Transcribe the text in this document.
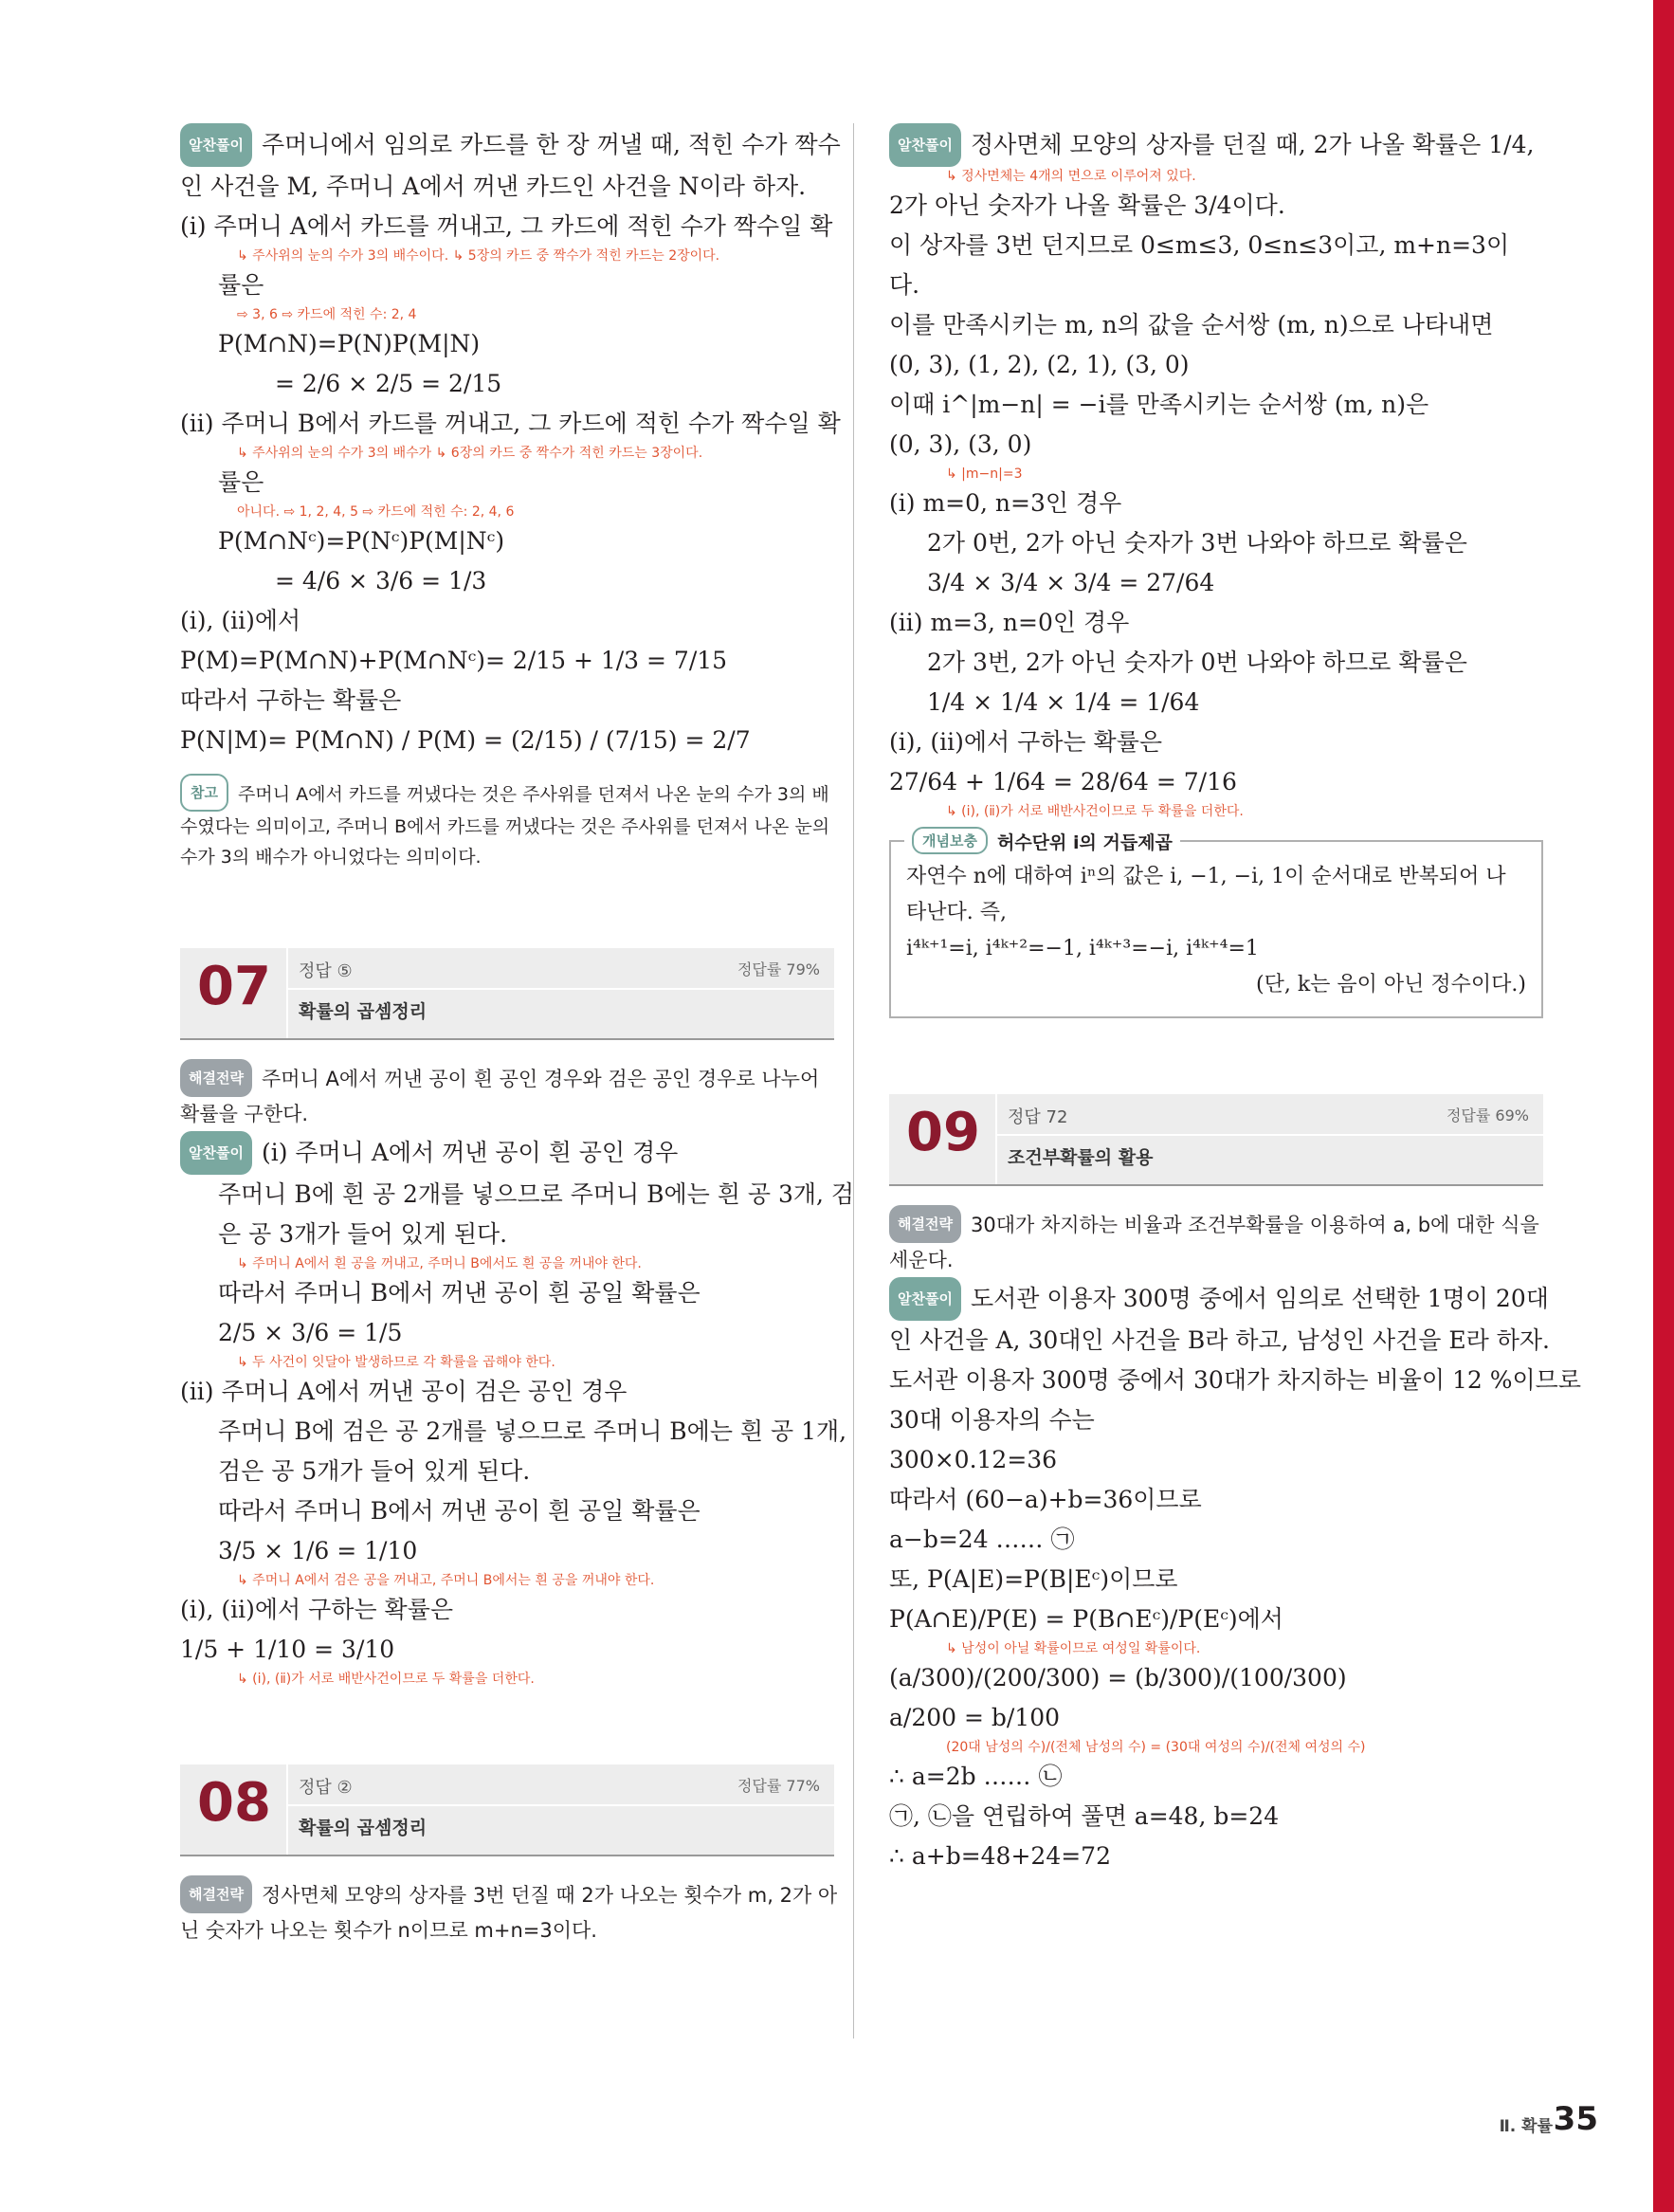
알찬풀이 주머니에서 임의로 카드를 한 장 꺼낼 때, 적힌 수가 짝수
인 사건을 M, 주머니 A에서 꺼낸 카드인 사건을 N이라 하자.
(ⅰ) 주머니 A에서 카드를 꺼내고, 그 카드에 적힌 수가 짝수일 확
↳ 주사위의 눈의 수가 3의 배수이다. ↳ 5장의 카드 중 짝수가 적힌 카드는 2장이다.
률은
⇨ 3, 6 ⇨ 카드에 적힌 수: 2, 4
P(M∩N)=P(N)P(M|N)
= 2/6 × 2/5 = 2/15
(ⅱ) 주머니 B에서 카드를 꺼내고, 그 카드에 적힌 수가 짝수일 확
↳ 주사위의 눈의 수가 3의 배수가 ↳ 6장의 카드 중 짝수가 적힌 카드는 3장이다.
률은
아니다. ⇨ 1, 2, 4, 5 ⇨ 카드에 적힌 수: 2, 4, 6
P(M∩Nᶜ)=P(Nᶜ)P(M|Nᶜ)
= 4/6 × 3/6 = 1/3
(ⅰ), (ⅱ)에서
P(M)=P(M∩N)+P(M∩Nᶜ)= 2/15 + 1/3 = 7/15
따라서 구하는 확률은
P(N|M)= P(M∩N) / P(M) = (2/15) / (7/15) = 2/7
참고 주머니 A에서 카드를 꺼냈다는 것은 주사위를 던져서 나온 눈의 수가 3의 배수였다는 의미이고, 주머니 B에서 카드를 꺼냈다는 것은 주사위를 던져서 나온 눈의 수가 3의 배수가 아니었다는 의미이다.
07 정답 ⑤	정답률 79%
확률의 곱셈정리
해결전략 주머니 A에서 꺼낸 공이 흰 공인 경우와 검은 공인 경우로 나누어
확률을 구한다.
알찬풀이 (ⅰ) 주머니 A에서 꺼낸 공이 흰 공인 경우
주머니 B에 흰 공 2개를 넣으므로 주머니 B에는 흰 공 3개, 검
은 공 3개가 들어 있게 된다.
↳ 주머니 A에서 흰 공을 꺼내고, 주머니 B에서도 흰 공을 꺼내야 한다.
따라서 주머니 B에서 꺼낸 공이 흰 공일 확률은
2/5 × 3/6 = 1/5
↳ 두 사건이 잇달아 발생하므로 각 확률을 곱해야 한다.
(ⅱ) 주머니 A에서 꺼낸 공이 검은 공인 경우
주머니 B에 검은 공 2개를 넣으므로 주머니 B에는 흰 공 1개,
검은 공 5개가 들어 있게 된다.
따라서 주머니 B에서 꺼낸 공이 흰 공일 확률은
3/5 × 1/6 = 1/10
↳ 주머니 A에서 검은 공을 꺼내고, 주머니 B에서는 흰 공을 꺼내야 한다.
(ⅰ), (ⅱ)에서 구하는 확률은
1/5 + 1/10 = 3/10
↳ (ⅰ), (ⅱ)가 서로 배반사건이므로 두 확률을 더한다.
08 정답 ②	정답률 77%
확률의 곱셈정리
해결전략 정사면체 모양의 상자를 3번 던질 때 2가 나오는 횟수가 m, 2가 아
닌 숫자가 나오는 횟수가 n이므로 m+n=3이다.
알찬풀이 정사면체 모양의 상자를 던질 때, 2가 나올 확률은 1/4,
↳ 정사면체는 4개의 면으로 이루어져 있다.
2가 아닌 숫자가 나올 확률은 3/4이다.
이 상자를 3번 던지므로 0≤m≤3, 0≤n≤3이고, m+n=3이
다.
이를 만족시키는 m, n의 값을 순서쌍 (m, n)으로 나타내면
(0, 3), (1, 2), (2, 1), (3, 0)
이때 i^|m−n| = −i를 만족시키는 순서쌍 (m, n)은
(0, 3), (3, 0)
↳ |m−n|=3
(ⅰ) m=0, n=3인 경우
2가 0번, 2가 아닌 숫자가 3번 나와야 하므로 확률은
3/4 × 3/4 × 3/4 = 27/64
(ⅱ) m=3, n=0인 경우
2가 3번, 2가 아닌 숫자가 0번 나와야 하므로 확률은
1/4 × 1/4 × 1/4 = 1/64
(ⅰ), (ⅱ)에서 구하는 확률은
27/64 + 1/64 = 28/64 = 7/16
↳ (ⅰ), (ⅱ)가 서로 배반사건이므로 두 확률을 더한다.
개념보충 허수단위 i의 거듭제곱
자연수 n에 대하여 iⁿ의 값은 i, −1, −i, 1이 순서대로 반복되어 나
타난다. 즉,
i⁴ᵏ⁺¹=i, i⁴ᵏ⁺²=−1, i⁴ᵏ⁺³=−i, i⁴ᵏ⁺⁴=1
(단, k는 음이 아닌 정수이다.)
09 정답 72	정답률 69%
조건부확률의 활용
해결전략 30대가 차지하는 비율과 조건부확률을 이용하여 a, b에 대한 식을
세운다.
알찬풀이 도서관 이용자 300명 중에서 임의로 선택한 1명이 20대
인 사건을 A, 30대인 사건을 B라 하고, 남성인 사건을 E라 하자.
도서관 이용자 300명 중에서 30대가 차지하는 비율이 12 %이므로
30대 이용자의 수는
300×0.12=36
따라서 (60−a)+b=36이므로
a−b=24 …… ㉠
또, P(A|E)=P(B|Eᶜ)이므로
P(A∩E)/P(E) = P(B∩Eᶜ)/P(Eᶜ)에서
↳ 남성이 아닐 확률이므로 여성일 확률이다.
(a/300)/(200/300) = (b/300)/(100/300)
a/200 = b/100
(20대 남성의 수)/(전체 남성의 수) = (30대 여성의 수)/(전체 여성의 수)
∴ a=2b …… ㉡
㉠, ㉡을 연립하여 풀면 a=48, b=24
∴ a+b=48+24=72
Ⅱ. 확률 35
